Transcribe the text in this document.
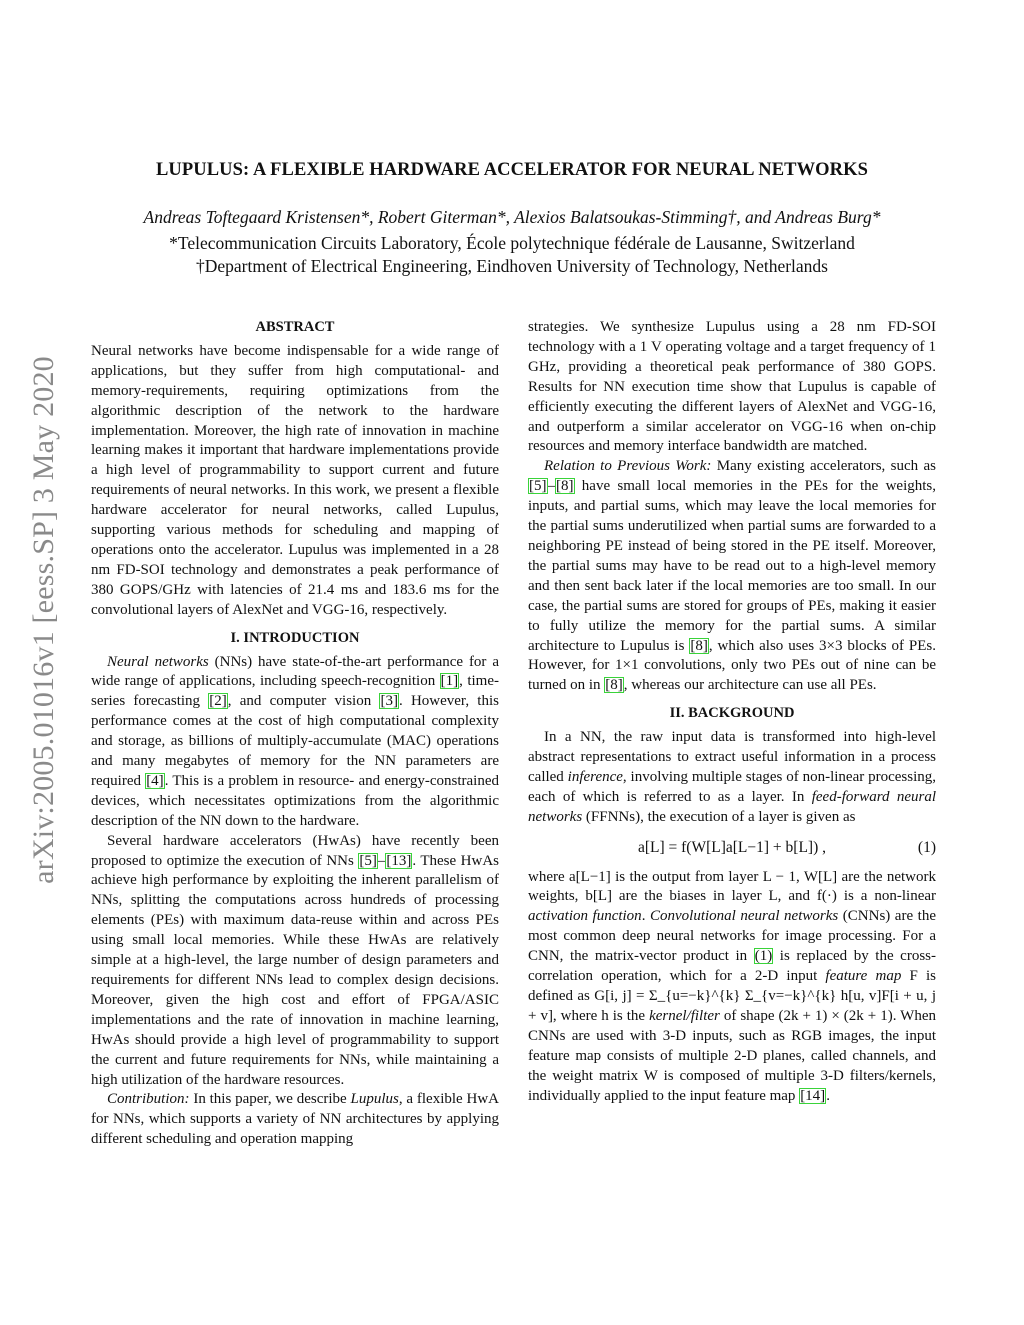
arXiv:2005.01016v1 [eess.SP] 3 May 2020
LUPULUS: A FLEXIBLE HARDWARE ACCELERATOR FOR NEURAL NETWORKS
Andreas Toftegaard Kristensen*, Robert Giterman*, Alexios Balatsoukas-Stimming†, and Andreas Burg*
*Telecommunication Circuits Laboratory, École polytechnique fédérale de Lausanne, Switzerland
†Department of Electrical Engineering, Eindhoven University of Technology, Netherlands
ABSTRACT

Neural networks have become indispensable for a wide range of applications, but they suffer from high computational- and memory-requirements, requiring optimizations from the algorithmic description of the network to the hardware implementation. Moreover, the high rate of innovation in machine learning makes it important that hardware implementations provide a high level of programmability to support current and future requirements of neural networks. In this work, we present a flexible hardware accelerator for neural networks, called Lupulus, supporting various methods for scheduling and mapping of operations onto the accelerator. Lupulus was implemented in a 28 nm FD-SOI technology and demonstrates a peak performance of 380 GOPS/GHz with latencies of 21.4 ms and 183.6 ms for the convolutional layers of AlexNet and VGG-16, respectively.

I. INTRODUCTION

Neural networks (NNs) have state-of-the-art performance for a wide range of applications, including speech-recognition [1], time-series forecasting [2], and computer vision [3]. However, this performance comes at the cost of high computational complexity and storage, as billions of multiply-accumulate (MAC) operations and many megabytes of memory for the NN parameters are required [4]. This is a problem in resource- and energy-constrained devices, which necessitates optimizations from the algorithmic description of the NN down to the hardware.

Several hardware accelerators (HwAs) have recently been proposed to optimize the execution of NNs [5]–[13]. These HwAs achieve high performance by exploiting the inherent parallelism of NNs, splitting the computations across hundreds of processing elements (PEs) with maximum data-reuse within and across PEs using small local memories. While these HwAs are relatively simple at a high-level, the large number of design parameters and requirements for different NNs lead to complex design decisions. Moreover, given the high cost and effort of FPGA/ASIC implementations and the rate of innovation in machine learning, HwAs should provide a high level of programmability to support the current and future requirements for NNs, while maintaining a high utilization of the hardware resources.

Contribution: In this paper, we describe Lupulus, a flexible HwA for NNs, which supports a variety of NN architectures by applying different scheduling and operation mapping

strategies. We synthesize Lupulus using a 28 nm FD-SOI technology with a 1 V operating voltage and a target frequency of 1 GHz, providing a theoretical peak performance of 380 GOPS. Results for NN execution time show that Lupulus is capable of efficiently executing the different layers of AlexNet and VGG-16, and outperform a similar accelerator on VGG-16 when on-chip resources and memory interface bandwidth are matched.

Relation to Previous Work: Many existing accelerators, such as [5]–[8] have small local memories in the PEs for the weights, inputs, and partial sums, which may leave the local memories for the partial sums underutilized when partial sums are forwarded to a neighboring PE instead of being stored in the PE itself. Moreover, the partial sums may have to be read out to a high-level memory and then sent back later if the local memories are too small. In our case, the partial sums are stored for groups of PEs, making it easier to fully utilize the memory for the partial sums. A similar architecture to Lupulus is [8], which also uses 3×3 blocks of PEs. However, for 1×1 convolutions, only two PEs out of nine can be turned on in [8], whereas our architecture can use all PEs.

II. BACKGROUND

In a NN, the raw input data is transformed into high-level abstract representations to extract useful information in a process called inference, involving multiple stages of non-linear processing, each of which is referred to as a layer. In feed-forward neural networks (FFNNs), the execution of a layer is given as

a[L] = f(W[L]a[L−1] + b[L]) ,	(1)

where a[L−1] is the output from layer L − 1, W[L] are the network weights, b[L] are the biases in layer L, and f(·) is a non-linear activation function. Convolutional neural networks (CNNs) are the most common deep neural networks for image processing. For a CNN, the matrix-vector product in (1) is replaced by the cross-correlation operation, which for a 2-D input feature map F is defined as G[i, j] = Σ_{u=−k}^{k} Σ_{v=−k}^{k} h[u, v]F[i + u, j + v], where h is the kernel/filter of shape (2k + 1) × (2k + 1). When CNNs are used with 3-D inputs, such as RGB images, the input feature map consists of multiple 2-D planes, called channels, and the weight matrix W is composed of multiple 3-D filters/kernels, individually applied to the input feature map [14].
